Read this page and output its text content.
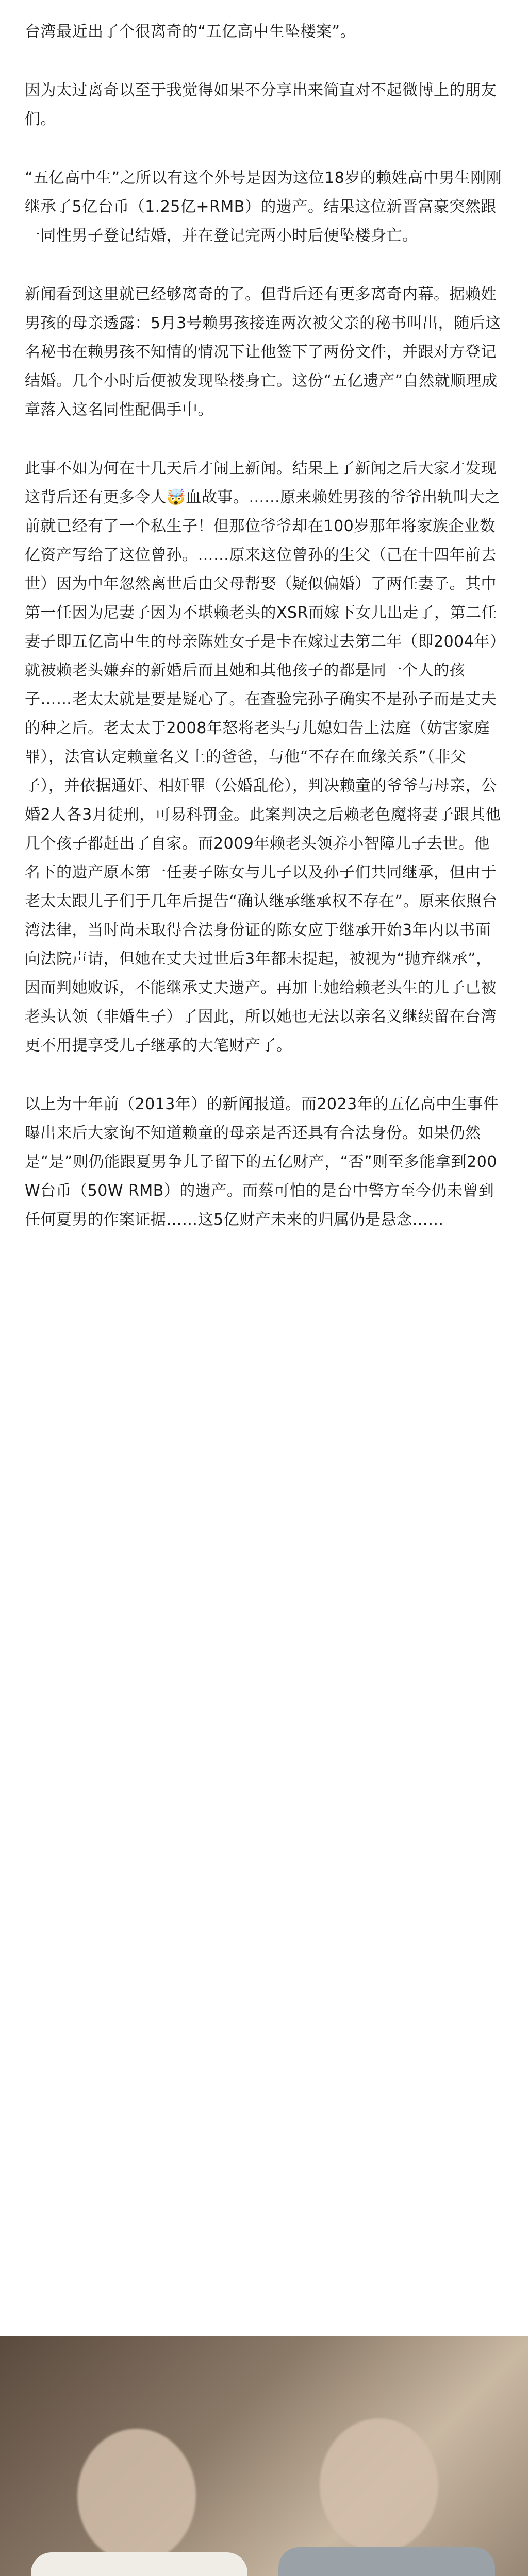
台湾最近出了个很离奇的“五亿高中生坠楼案”。

因为太过离奇以至于我觉得如果不分享出来简直对不起微博上的朋友们。

“五亿高中生”之所以有这个外号是因为这位18岁的赖姓高中男生刚刚继承了5亿台币（1.25亿+RMB）的遗产。结果这位新晋富豪突然跟一同性男子登记结婚，并在登记完两小时后便坠楼身亡。

新闻看到这里就已经够离奇的了。但背后还有更多离奇内幕。据赖姓男孩的母亲透露：5月3号赖男孩接连两次被父亲的秘书叫出，随后这名秘书在赖男孩不知情的情况下让他签下了两份文件，并跟对方登记结婚。几个小时后便被发现坠楼身亡。这份“五亿遗产”自然就顺理成章落入这名同性配偶手中。

此事不如为何在十几天后才闹上新闻。结果上了新闻之后大家才发现这背后还有更多令人🤯血故事。……原来赖姓男孩的爷爷出轨叫大之前就已经有了一个私生子！但那位爷爷却在100岁那年将家族企业数亿资产写给了这位曾孙。……原来这位曾孙的生父（己在十四年前去世）因为中年忽然离世后由父母帮娶（疑似偏婚）了两任妻子。其中第一任因为尼妻子因为不堪赖老头的XSR而嫁下女儿出走了，第二任妻子即五亿高中生的母亲陈姓女子是卡在嫁过去第二年（即2004年）就被赖老头嫌弃的新婚后而且她和其他孩子的都是同一个人的孩子……老太太就是要是疑心了。在查验完孙子确实不是孙子而是丈夫的种之后。老太太于2008年怒将老头与儿媳妇告上法庭（妨害家庭罪），法官认定赖童名义上的爸爸，与他“不存在血缘关系”（非父子），并依据通奸、相奸罪（公婚乱伦），判决赖童的爷爷与母亲，公婚2人各3月徒刑，可易科罚金。此案判决之后赖老色魔将妻子跟其他几个孩子都赶出了自家。而2009年赖老头领养小智障儿子去世。他名下的遗产原本第一任妻子陈女与儿子以及孙子们共同继承，但由于老太太跟儿子们于几年后提告“确认继承继承权不存在”。原来依照台湾法律，当时尚未取得合法身份证的陈女应于继承开始3年内以书面向法院声请，但她在丈夫过世后3年都未提起，被视为“抛弃继承”，因而判她败诉，不能继承丈夫遗产。再加上她给赖老头生的儿子已被老头认领（非婚生子）了因此，所以她也无法以亲名义继续留在台湾更不用提享受儿子继承的大笔财产了。

以上为十年前（2013年）的新闻报道。而2023年的五亿高中生事件曝出来后大家询不知道赖童的母亲是否还具有合法身份。如果仍然是“是”则仍能跟夏男争儿子留下的五亿财产，“否”则至多能拿到200W台币（50W RMB）的遗产。而蔡可怕的是台中警方至今仍未曾到任何夏男的作案证据……这5亿财产未来的归属仍是悬念……
